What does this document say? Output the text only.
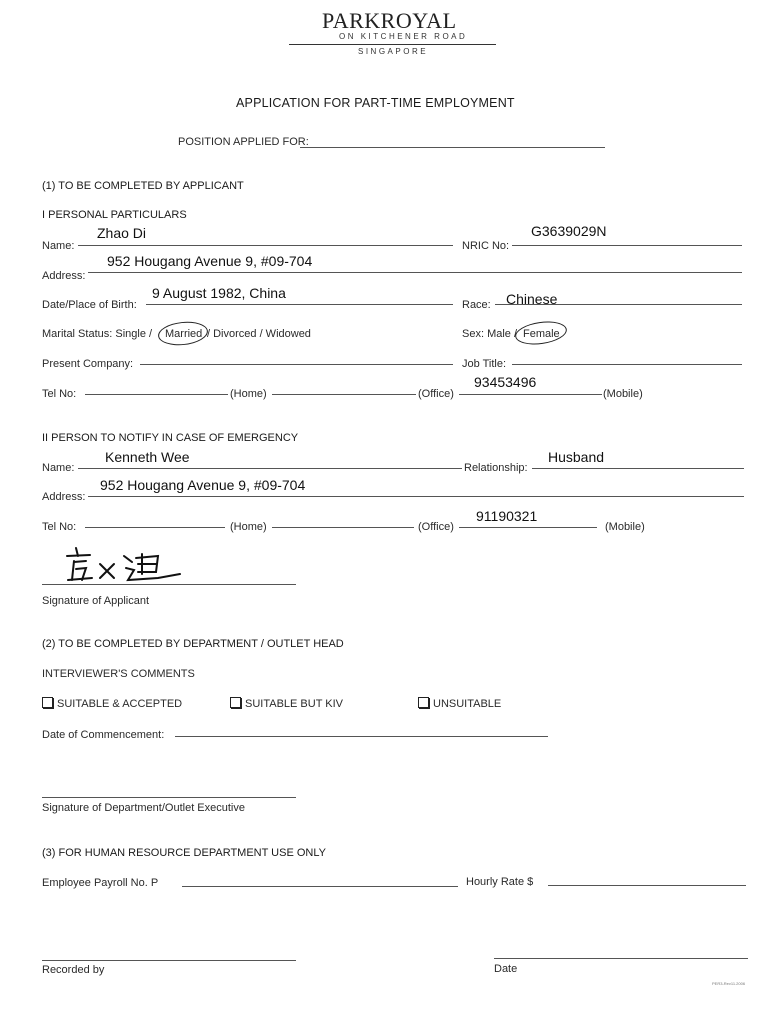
PARKROYAL
ON KITCHENER ROAD
SINGAPORE
APPLICATION FOR PART-TIME EMPLOYMENT
POSITION APPLIED FOR:
(1) TO BE COMPLETED BY APPLICANT
I PERSONAL PARTICULARS
Name:
Zhao Di
NRIC No:
G3639029N
Address:
952 Hougang Avenue 9, #09-704
Date/Place of Birth:
9 August 1982, China
Race: Chinese
Marital Status: Single / Married / Divorced / Widowed	Sex: Male / Female
Present Company:	Job Title:
Tel No:	(Home)	(Office)
93453496
(Mobile)
II PERSON TO NOTIFY IN CASE OF EMERGENCY
Name:
Kenneth Wee
Relationship:
Husband
Address:
952 Hougang Avenue 9, #09-704
Tel No:	(Home)	(Office)
91190321
(Mobile)
Signature of Applicant
(2) TO BE COMPLETED BY DEPARTMENT / OUTLET HEAD
INTERVIEWER'S COMMENTS
SUITABLE & ACCEPTED	SUITABLE BUT KIV	UNSUITABLE
Date of Commencement:
Signature of Department/Outlet Executive
(3) FOR HUMAN RESOURCE DEPARTMENT USE ONLY
Employee Payroll No. P	Hourly Rate $
Recorded by	Date
PER3-Rev11.2006
